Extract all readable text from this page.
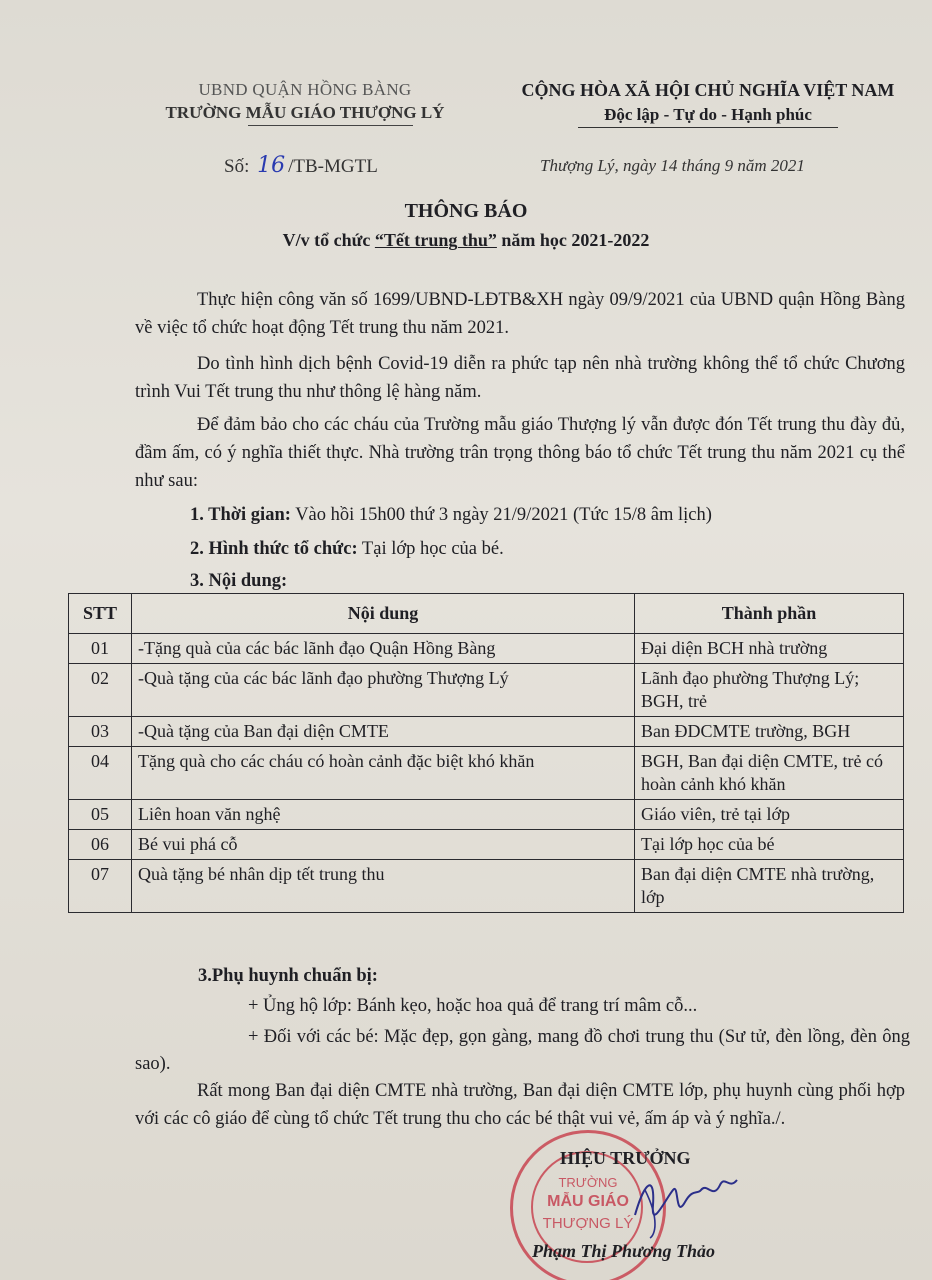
UBND QUẬN HỒNG BÀNG
TRƯỜNG MẪU GIÁO THƯỢNG LÝ
CỘNG HÒA XÃ HỘI CHỦ NGHĨA VIỆT NAM
Độc lập - Tự do - Hạnh phúc
Số: 16 /TB-MGTL	Thượng Lý, ngày 14 tháng 9 năm 2021
THÔNG BÁO
V/v tổ chức “Tết trung thu” năm học 2021-2022
Thực hiện công văn số 1699/UBND-LĐTB&XH ngày 09/9/2021 của UBND quận Hồng Bàng về việc tổ chức hoạt động Tết trung thu năm 2021.
Do tình hình dịch bệnh Covid-19 diễn ra phức tạp nên nhà trường không thể tổ chức Chương trình Vui Tết trung thu như thông lệ hàng năm.
Để đảm bảo cho các cháu của Trường mẫu giáo Thượng lý vẫn được đón Tết trung thu đày đủ, đầm ấm, có ý nghĩa thiết thực. Nhà trường trân trọng thông báo tổ chức Tết trung thu năm 2021 cụ thể như sau:
1. Thời gian: Vào hồi 15h00 thứ 3 ngày 21/9/2021 (Tức 15/8 âm lịch)
2. Hình thức tổ chức: Tại lớp học của bé.
3. Nội dung:
STT	Nội dung	Thành phần
01	-Tặng quà của các bác lãnh đạo Quận Hồng Bàng	Đại diện BCH nhà trường
02	-Quà tặng của các bác lãnh đạo phường Thượng Lý	Lãnh đạo phường Thượng Lý; BGH, trẻ
03	-Quà tặng của Ban đại diện CMTE	Ban ĐDCMTE trường, BGH
04	Tặng quà cho các cháu có hoàn cảnh đặc biệt khó khăn	BGH, Ban đại diện CMTE, trẻ có hoàn cảnh khó khăn
05	Liên hoan văn nghệ	Giáo viên, trẻ tại lớp
06	Bé vui phá cỗ	Tại lớp học của bé
07	Quà tặng bé nhân dịp tết trung thu	Ban đại diện CMTE nhà trường, lớp
3.Phụ huynh chuẩn bị:
+ Ủng hộ lớp: Bánh kẹo, hoặc hoa quả để trang trí mâm cỗ...
+ Đối với các bé: Mặc đẹp, gọn gàng, mang đồ chơi trung thu (Sư tử, đèn lồng, đèn ông sao).
Rất mong Ban đại diện CMTE nhà trường, Ban đại diện CMTE lớp, phụ huynh cùng phối hợp với các cô giáo để cùng tổ chức Tết trung thu cho các bé thật vui vẻ, ấm áp và ý nghĩa./.
TRƯỜNG
MẪU GIÁO
THƯỢNG LÝ
HIỆU TRƯỞNG
Phạm Thị Phương Thảo
